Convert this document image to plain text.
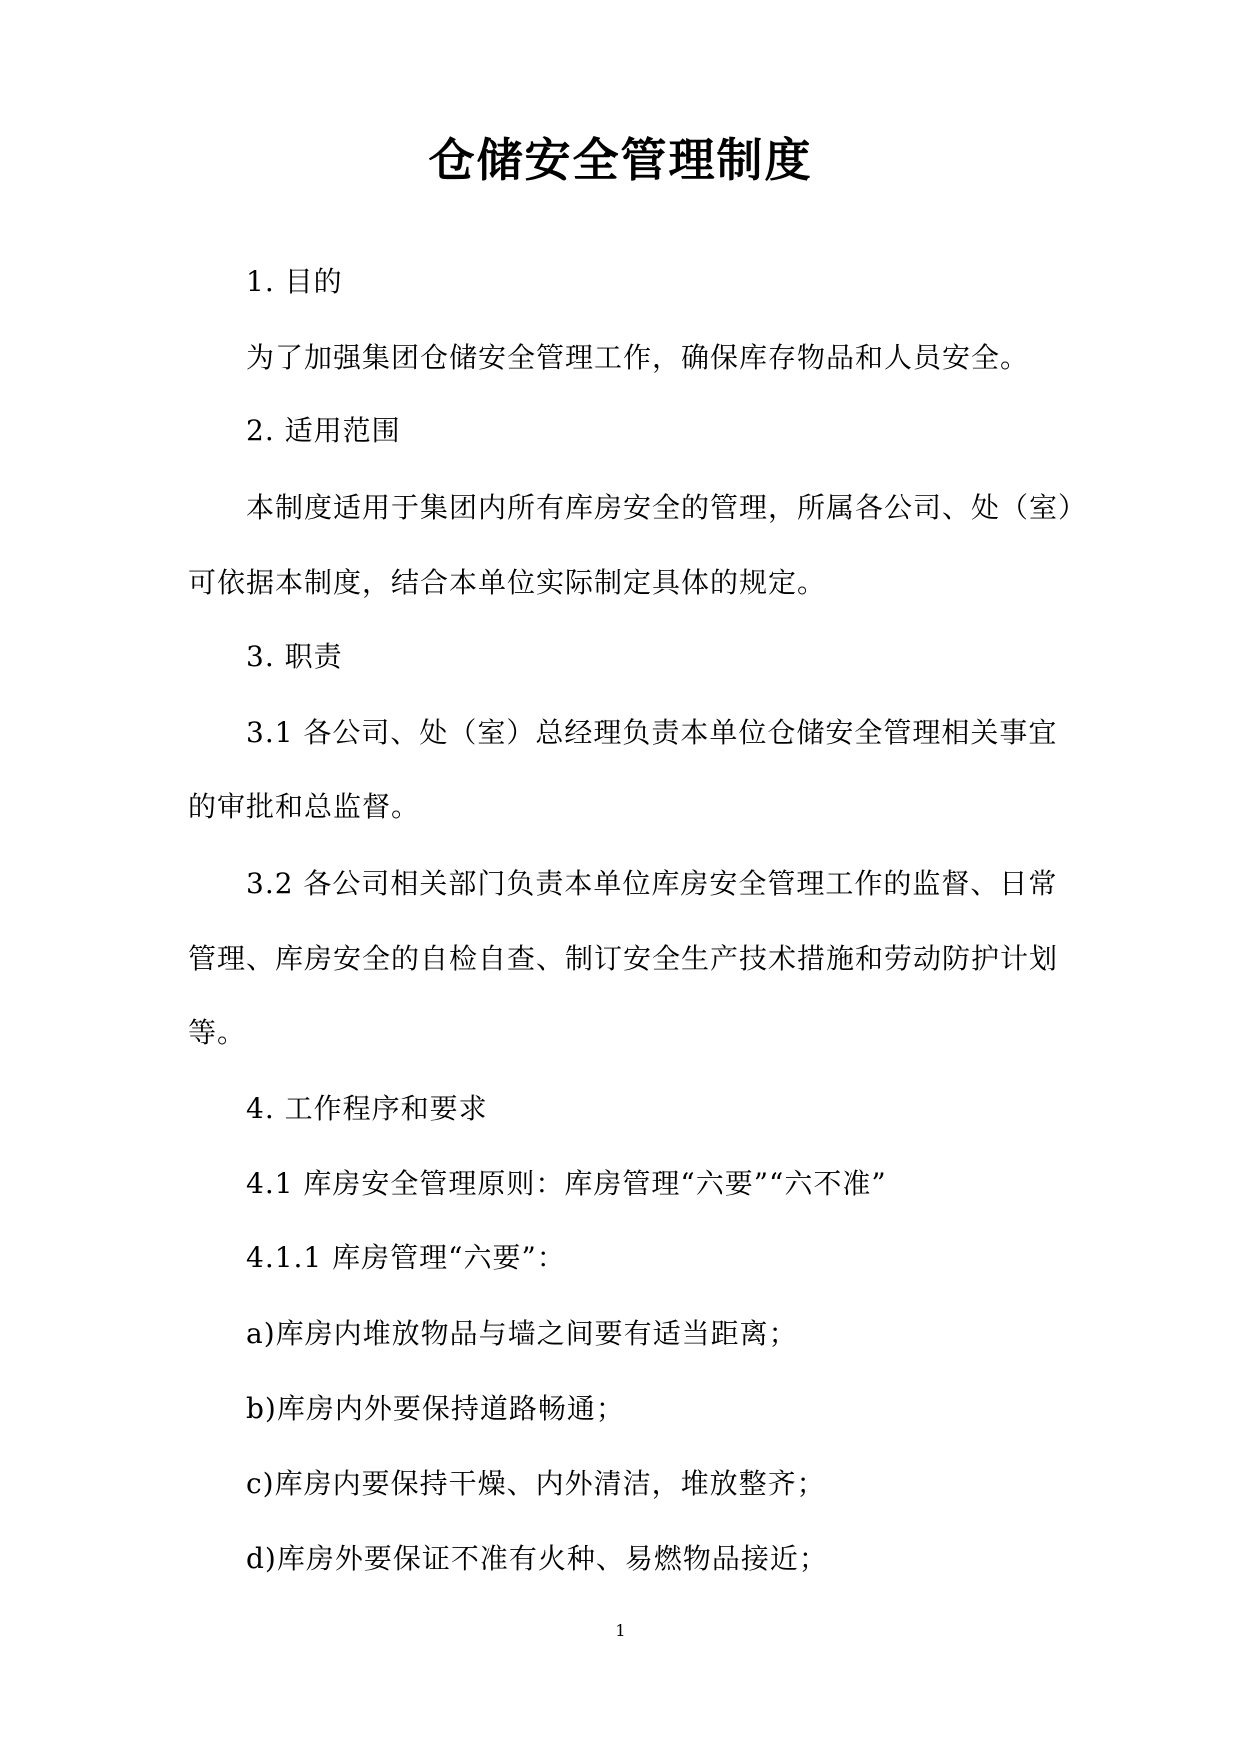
仓储安全管理制度
1. 目的
为了加强集团仓储安全管理工作，确保库存物品和人员安全。
2. 适用范围
本制度适用于集团内所有库房安全的管理，所属各公司、处（室）
可依据本制度，结合本单位实际制定具体的规定。
3. 职责
3.1 各公司、处（室）总经理负责本单位仓储安全管理相关事宜
的审批和总监督。
3.2 各公司相关部门负责本单位库房安全管理工作的监督、日常
管理、库房安全的自检自查、制订安全生产技术措施和劳动防护计划
等。
4. 工作程序和要求
4.1 库房安全管理原则：库房管理“六要”“六不准”
4.1.1 库房管理“六要”：
a)库房内堆放物品与墙之间要有适当距离；
b)库房内外要保持道路畅通；
c)库房内要保持干燥、内外清洁，堆放整齐；
d)库房外要保证不准有火种、易燃物品接近；
1
